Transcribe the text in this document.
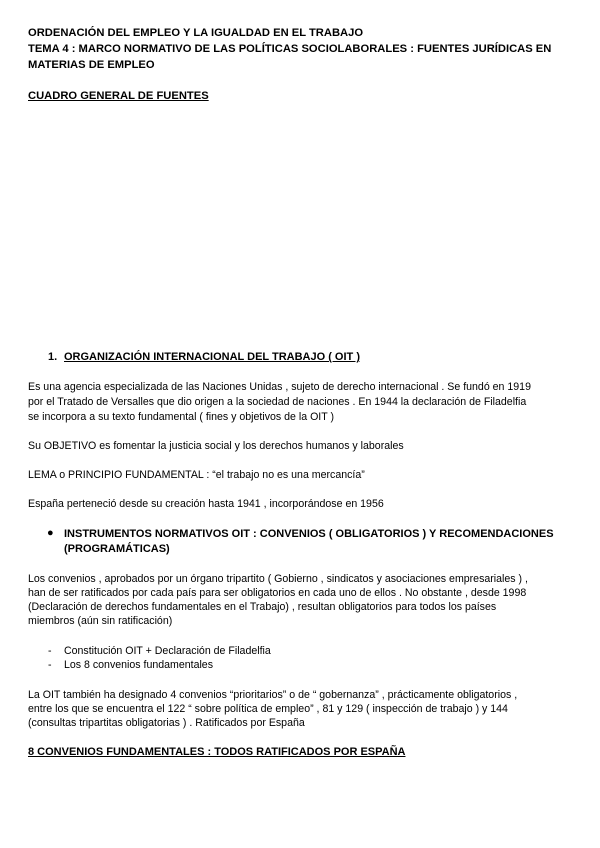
ORDENACIÓN DEL EMPLEO Y LA IGUALDAD EN EL TRABAJO
TEMA 4 : MARCO NORMATIVO DE LAS POLÍTICAS SOCIOLABORALES : FUENTES JURÍDICAS EN
MATERIAS DE EMPLEO
CUADRO GENERAL DE FUENTES
1. ORGANIZACIÓN INTERNACIONAL DEL TRABAJO ( OIT )
Es una agencia especializada de las Naciones Unidas , sujeto de derecho internacional . Se fundó en 1919
por el Tratado de Versalles que dio origen a la sociedad de naciones . En 1944 la declaración de Filadelfia
se incorpora a su texto fundamental ( fines y objetivos de la OIT )
Su OBJETIVO es fomentar la justicia social y los derechos humanos y laborales
LEMA o PRINCIPIO FUNDAMENTAL : “el trabajo no es una mercancía”
España perteneció desde su creación hasta 1941 , incorporándose en 1956
● INSTRUMENTOS NORMATIVOS OIT : CONVENIOS ( OBLIGATORIOS ) Y RECOMENDACIONES
(PROGRAMÁTICAS)
Los convenios , aprobados por un órgano tripartito ( Gobierno , sindicatos y asociaciones empresariales ) ,
han de ser ratificados por cada país para ser obligatorios en cada uno de ellos . No obstante , desde 1998
(Declaración de derechos fundamentales en el Trabajo) , resultan obligatorios para todos los países
miembros (aún sin ratificación)
- Constitución OIT + Declaración de Filadelfia
- Los 8 convenios fundamentales
La OIT también ha designado 4 convenios “prioritarios” o de “ gobernanza” , prácticamente obligatorios ,
entre los que se encuentra el 122 “ sobre política de empleo” , 81 y 129 ( inspección de trabajo ) y 144
(consultas tripartitas obligatorias ) . Ratificados por España
8 CONVENIOS FUNDAMENTALES : TODOS RATIFICADOS POR ESPAÑA
